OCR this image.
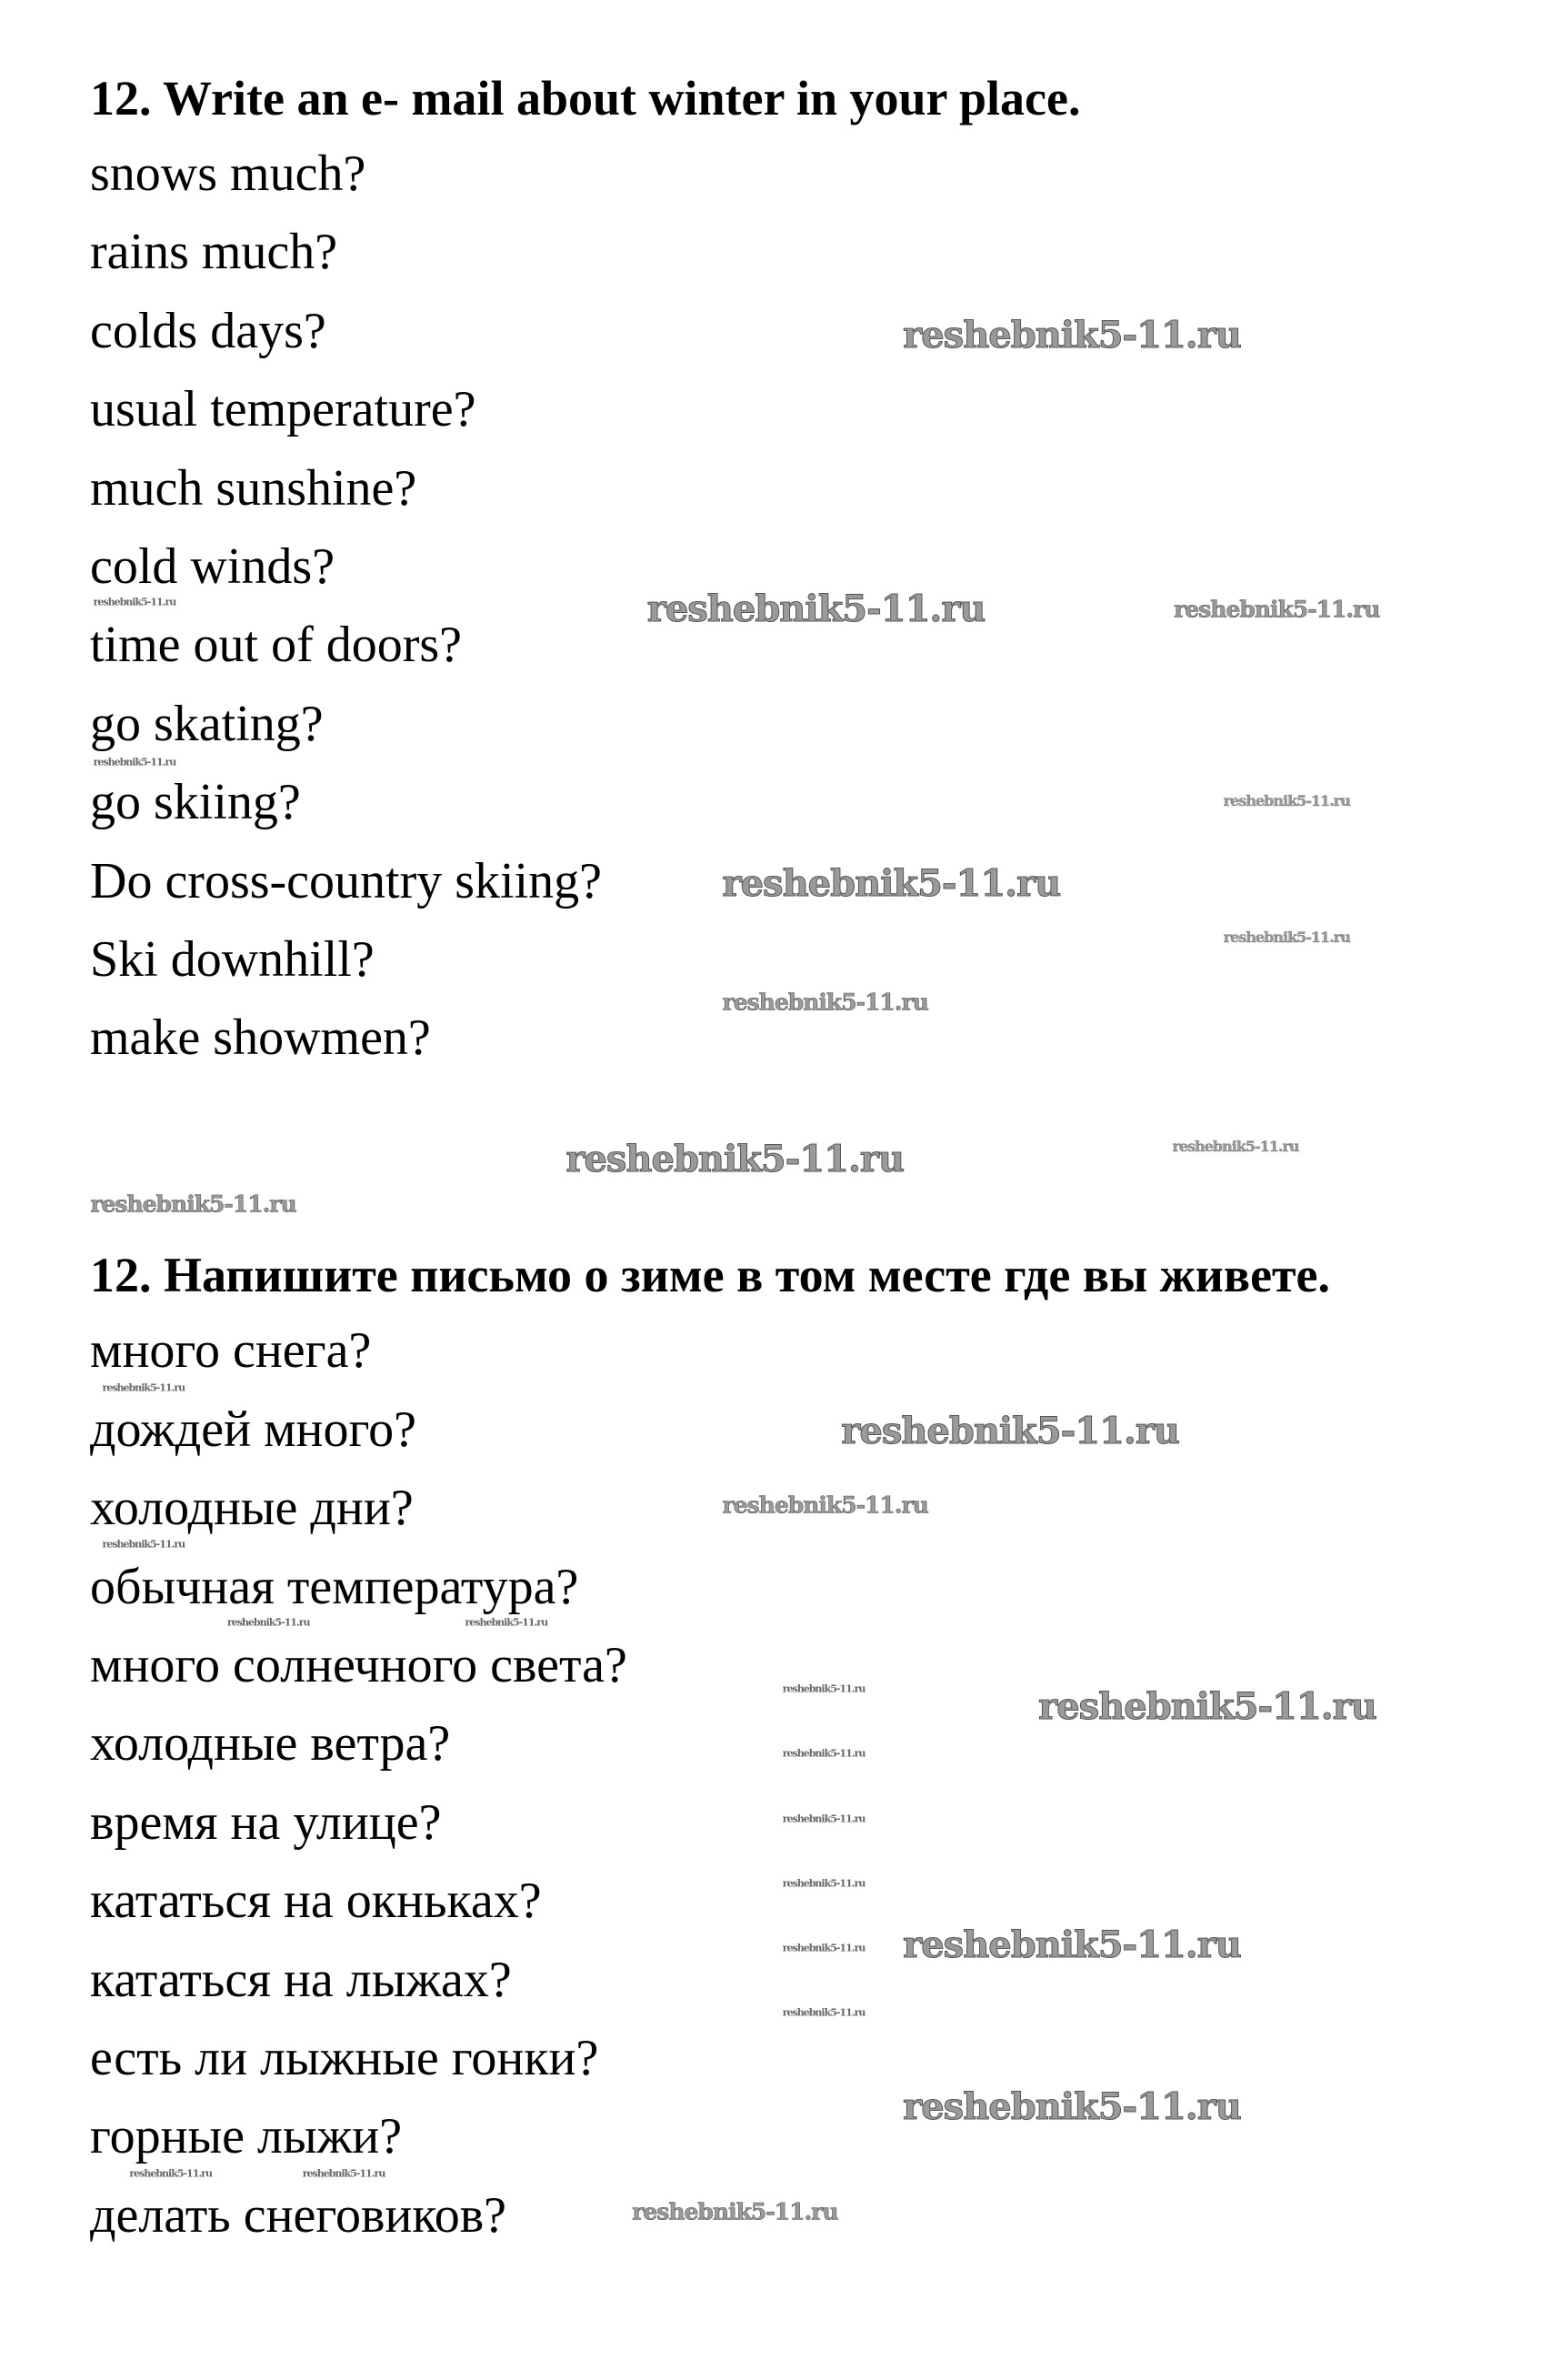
12. Write an e- mail about winter in your place.
snows much?
rains much?
colds days?
usual temperature?
much sunshine?
cold winds?
time out of doors?
go skating?
go skiing?
Do cross-country skiing?
Ski downhill?
make showmen?
12. Напишите письмо о зиме в том месте где вы живете.
много снега?
дождей много?
холодные дни?
обычная температура?
много солнечного света?
холодные ветра?
время на улице?
кататься на окньках?
кататься на лыжах?
есть ли лыжные гонки?
горные лыжи?
делать снеговиков?
reshebnik5-11.ru
reshebnik5-11.ru
reshebnik5-11.ru
reshebnik5-11.ru
reshebnik5-11.ru
reshebnik5-11.ru
reshebnik5-11.ru
reshebnik5-11.ru
reshebnik5-11.ru
reshebnik5-11.ru
reshebnik5-11.ru
reshebnik5-11.ru
reshebnik5-11.ru
reshebnik5-11.ru
reshebnik5-11.ru
reshebnik5-11.ru
reshebnik5-11.ru
reshebnik5-11.ru
reshebnik5-11.ru
reshebnik5-11.ru
reshebnik5-11.ru	reshebnik5-11.ru
reshebnik5-11.ru	reshebnik5-11.ru
reshebnik5-11.ru
reshebnik5-11.ru
reshebnik5-11.ru
reshebnik5-11.ru
reshebnik5-11.ru
reshebnik5-11.ru
